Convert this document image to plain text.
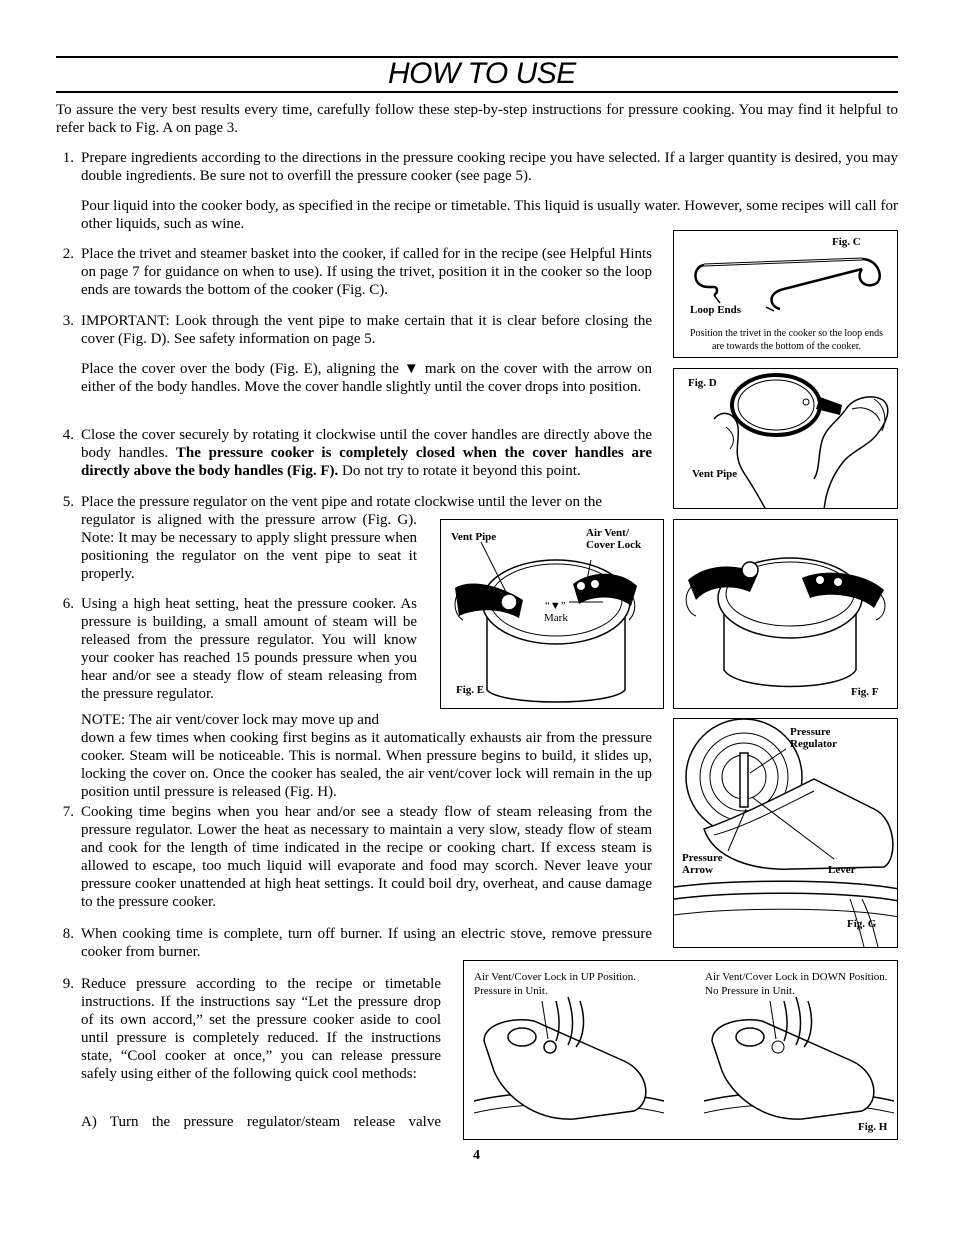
HOW TO USE

To assure the very best results every time, carefully follow these step-by-step instructions for pressure cooking. You may find it helpful to refer back to Fig. A on page 3.

1. Prepare ingredients according to the directions in the pressure cooking recipe you have selected. If a larger quantity is desired, you may double ingredients. Be sure not to overfill the pressure cooker (see page 5).

Pour liquid into the cooker body, as specified in the recipe or timetable. This liquid is usually water. However, some recipes will call for other liquids, such as wine.

2. Place the trivet and steamer basket into the cooker, if called for in the recipe (see Helpful Hints on page 7 for guidance on when to use). If using the trivet, position it in the cooker so the loop ends are towards the bottom of the cooker (Fig. C).

3. IMPORTANT: Look through the vent pipe to make certain that it is clear before closing the cover (Fig. D). See safety information on page 5.

Place the cover over the body (Fig. E), aligning the ▼ mark on the cover with the arrow on either of the body handles. Move the cover handle slightly until the cover drops into position.

4. Close the cover securely by rotating it clockwise until the cover handles are directly above the body handles. The pressure cooker is completely closed when the cover handles are directly above the body handles (Fig. F). Do not try to rotate it beyond this point.

5. Place the pressure regulator on the vent pipe and rotate clockwise until the lever on the

regulator is aligned with the pressure arrow (Fig. G). Note: It may be necessary to apply slight pressure when positioning the regulator on the vent pipe to seat it properly.

6. Using a high heat setting, heat the pressure cooker. As pressure is building, a small amount of steam will be released from the pressure regulator. You will know your cooker has reached 15 pounds pressure when you hear and/or see a steady flow of steam releasing from the pressure regulator.

NOTE: The air vent/cover lock may move up and

down a few times when cooking first begins as it automatically exhausts air from the pressure cooker. Steam will be noticeable. This is normal. When pressure begins to build, it slides up, locking the cover on. Once the cooker has sealed, the air vent/cover lock will remain in the up position until pressure is released (Fig. H).

7. Cooking time begins when you hear and/or see a steady flow of steam releasing from the pressure regulator. Lower the heat as necessary to maintain a very slow, steady flow of steam and cook for the length of time indicated in the recipe or cooking chart. If excess steam is allowed to escape, too much liquid will evaporate and food may scorch. Never leave your pressure cooker unattended at high heat settings. It could boil dry, overheat, and cause damage to the pressure cooker.

8. When cooking time is complete, turn off burner. If using an electric stove, remove pressure cooker from burner.

9. Reduce pressure according to the recipe or timetable instructions. If the instructions say “Let the pressure drop of its own accord,” set the pressure cooker aside to cool until pressure is completely reduced. If the instructions state, “Cool cooker at once,” you can release pressure safely using either of the following quick cool methods:

A) Turn the pressure regulator/steam release valve

Fig. C
Loop Ends
Position the trivet in the cooker so the loop ends are towards the bottom of the cooker.
Fig. D
Vent Pipe
Vent Pipe	Air Vent/ Cover Lock
“▼”
Mark
Fig. E	Fig. F
Pressure Regulator
Pressure Arrow	Lever
Fig. G
Air Vent/Cover Lock in UP Position. Pressure in Unit.
Air Vent/Cover Lock in DOWN Position. No Pressure in Unit.
Fig. H
4
